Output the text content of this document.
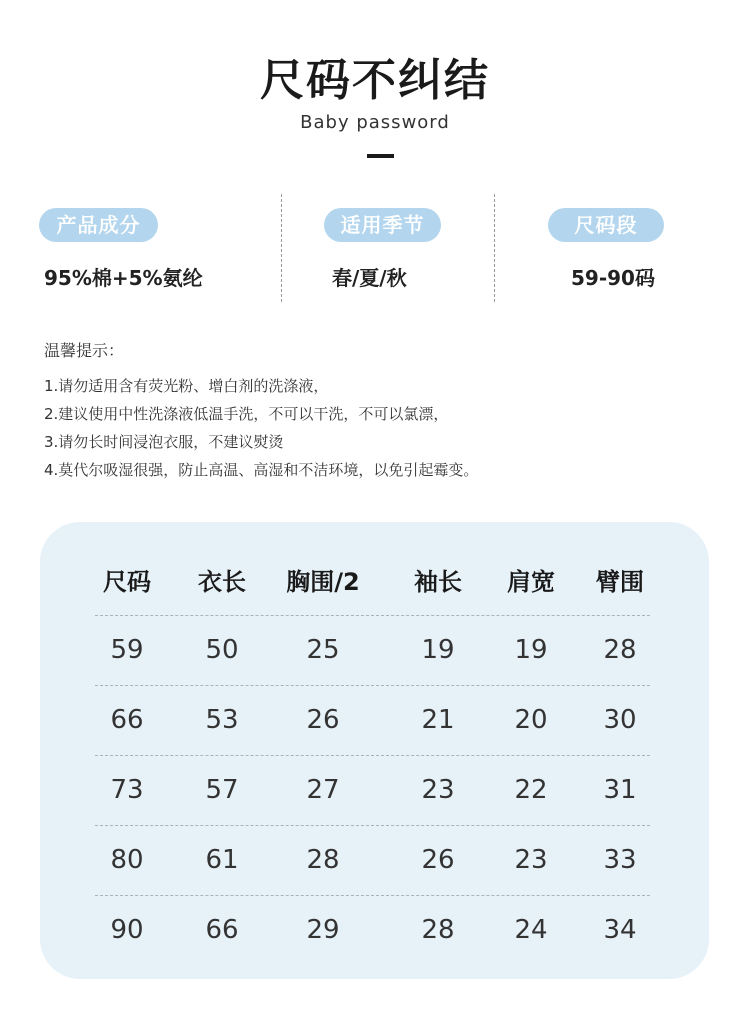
尺码不纠结
Baby password
产品成分
95%棉+5%氨纶
适用季节
春/夏/秋
尺码段
59-90码
温馨提示：
1.请勿适用含有荧光粉、增白剂的洗涤液，
2.建议使用中性洗涤液低温手洗，不可以干洗，不可以氯漂，
3.请勿长时间浸泡衣服，不建议熨烫
4.莫代尔吸湿很强，防止高温、高湿和不洁环境，以免引起霉变。
尺码	衣长	胸围/2	袖长	肩宽	臂围
59	50	25	19	19	28
66	53	26	21	20	30
73	57	27	23	22	31
80	61	28	26	23	33
90	66	29	28	24	34
